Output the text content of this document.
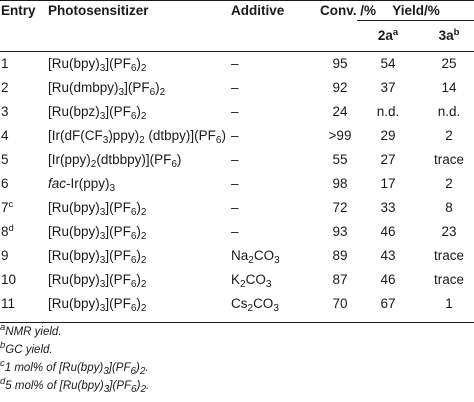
Entry Photosensitizer	Additive	Conv. /%	Yield/%
$2a^a$	$3a^b$
1	$[Ru(bpy)_3](PF_6)_2$	–	95	54	25
2	$[Ru(dmbpy)_3](PF_6)_2$	–	92	37	14
3	$[Ru(bpz)_3](PF_6)_2$	–	24	n.d.	n.d.
4	[$Ir(dF(CF_3)ppy)_2$ $(dtbpy)](PF_6)$ –	>99	29	2
5	$[Ir(ppy)_2(dtbbpy)](PF_6)$	–	55	27	trace
6	fac-$Ir(ppy)_3$	–	98	17	2
7$^c$	$[Ru(bpy)_3](PF_6)_2$	–	72	33	8
8$^d$	$[Ru(bpy)_3](PF_6)_2$	–	93	46	23
9	$[Ru(bpy)_3](PF_6)_2$	$Na_2CO_3$	89	43	trace
10 $[Ru(bpy)_3](PF_6)_2$	$K_2CO_3$	87	46	trace
11 $[Ru(bpy)_3](PF_6)_2$	$Cs_2CO_3$	70	67	1
$^a$NMR yield.
$^b$GC yield.
$^c$1 mol% of $[Ru(bpy)_3](PF_6)_2$.
$^d$5 mol% of $[Ru(bpy)_3](PF_6)_2$.
